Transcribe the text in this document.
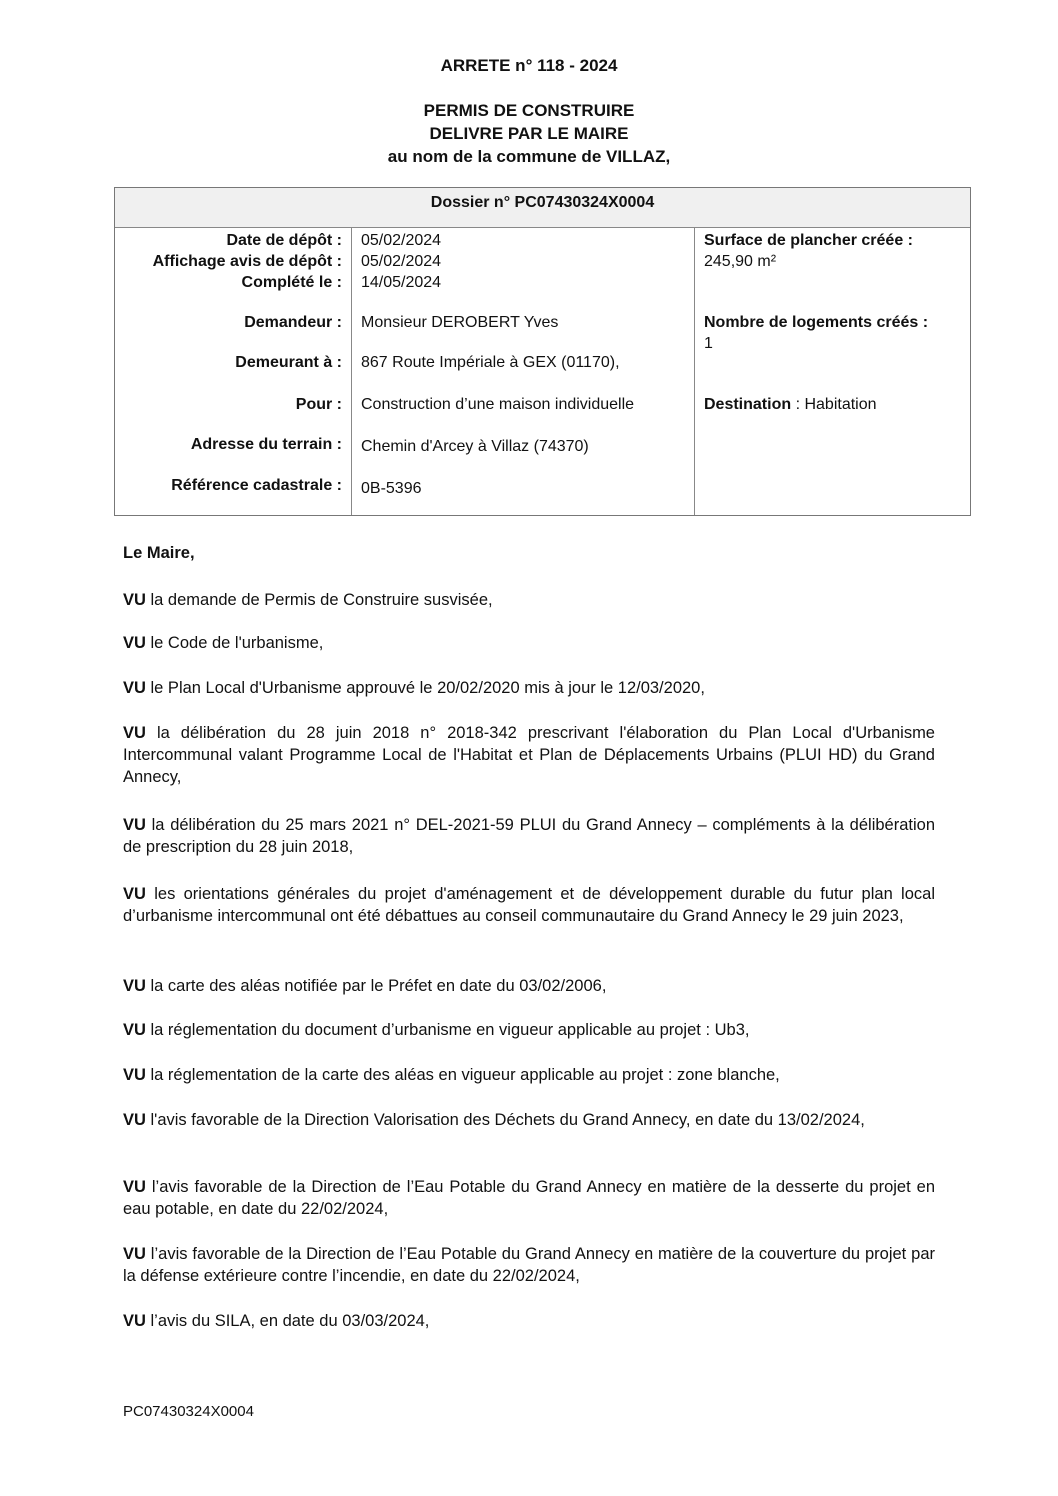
ARRETE n° 118 - 2024
PERMIS DE CONSTRUIRE
DELIVRE PAR LE MAIRE
au nom de la commune de VILLAZ,
Dossier n° PC07430324X0004
Date de dépôt :
Affichage avis de dépôt :
Complété le :
Demandeur :
Demeurant à :
Pour :
Adresse du terrain :
Référence cadastrale :
05/02/2024
05/02/2024
14/05/2024
Monsieur DEROBERT Yves
867 Route Impériale à GEX (01170),
Construction d’une maison individuelle
Chemin d'Arcey à Villaz (74370)
0B-5396
Surface de plancher créée :
245,90 m²
Nombre de logements créés :
1
Destination : Habitation
Le Maire,
VU la demande de Permis de Construire susvisée,
VU le Code de l'urbanisme,
VU le Plan Local d'Urbanisme approuvé le 20/02/2020 mis à jour le 12/03/2020,
VU la délibération du 28 juin 2018 n° 2018-342 prescrivant l'élaboration du Plan Local d'Urbanisme Intercommunal valant Programme Local de l'Habitat et Plan de Déplacements Urbains (PLUI HD) du Grand Annecy,
VU la délibération du 25 mars 2021 n° DEL-2021-59 PLUI du Grand Annecy – compléments à la délibération de prescription du 28 juin 2018,
VU les orientations générales du projet d'aménagement et de développement durable du futur plan local d’urbanisme intercommunal ont été débattues au conseil communautaire du Grand Annecy le 29 juin 2023,
VU la carte des aléas notifiée par le Préfet en date du 03/02/2006,
VU la réglementation du document d’urbanisme en vigueur applicable au projet : Ub3,
VU la réglementation de la carte des aléas en vigueur applicable au projet : zone blanche,
VU l'avis favorable de la Direction Valorisation des Déchets du Grand Annecy, en date du 13/02/2024,
VU l’avis favorable de la Direction de l’Eau Potable du Grand Annecy en matière de la desserte du projet en eau potable, en date du 22/02/2024,
VU l’avis favorable de la Direction de l’Eau Potable du Grand Annecy en matière de la couverture du projet par la défense extérieure contre l’incendie, en date du 22/02/2024,
VU l’avis du SILA, en date du 03/03/2024,
PC07430324X0004
